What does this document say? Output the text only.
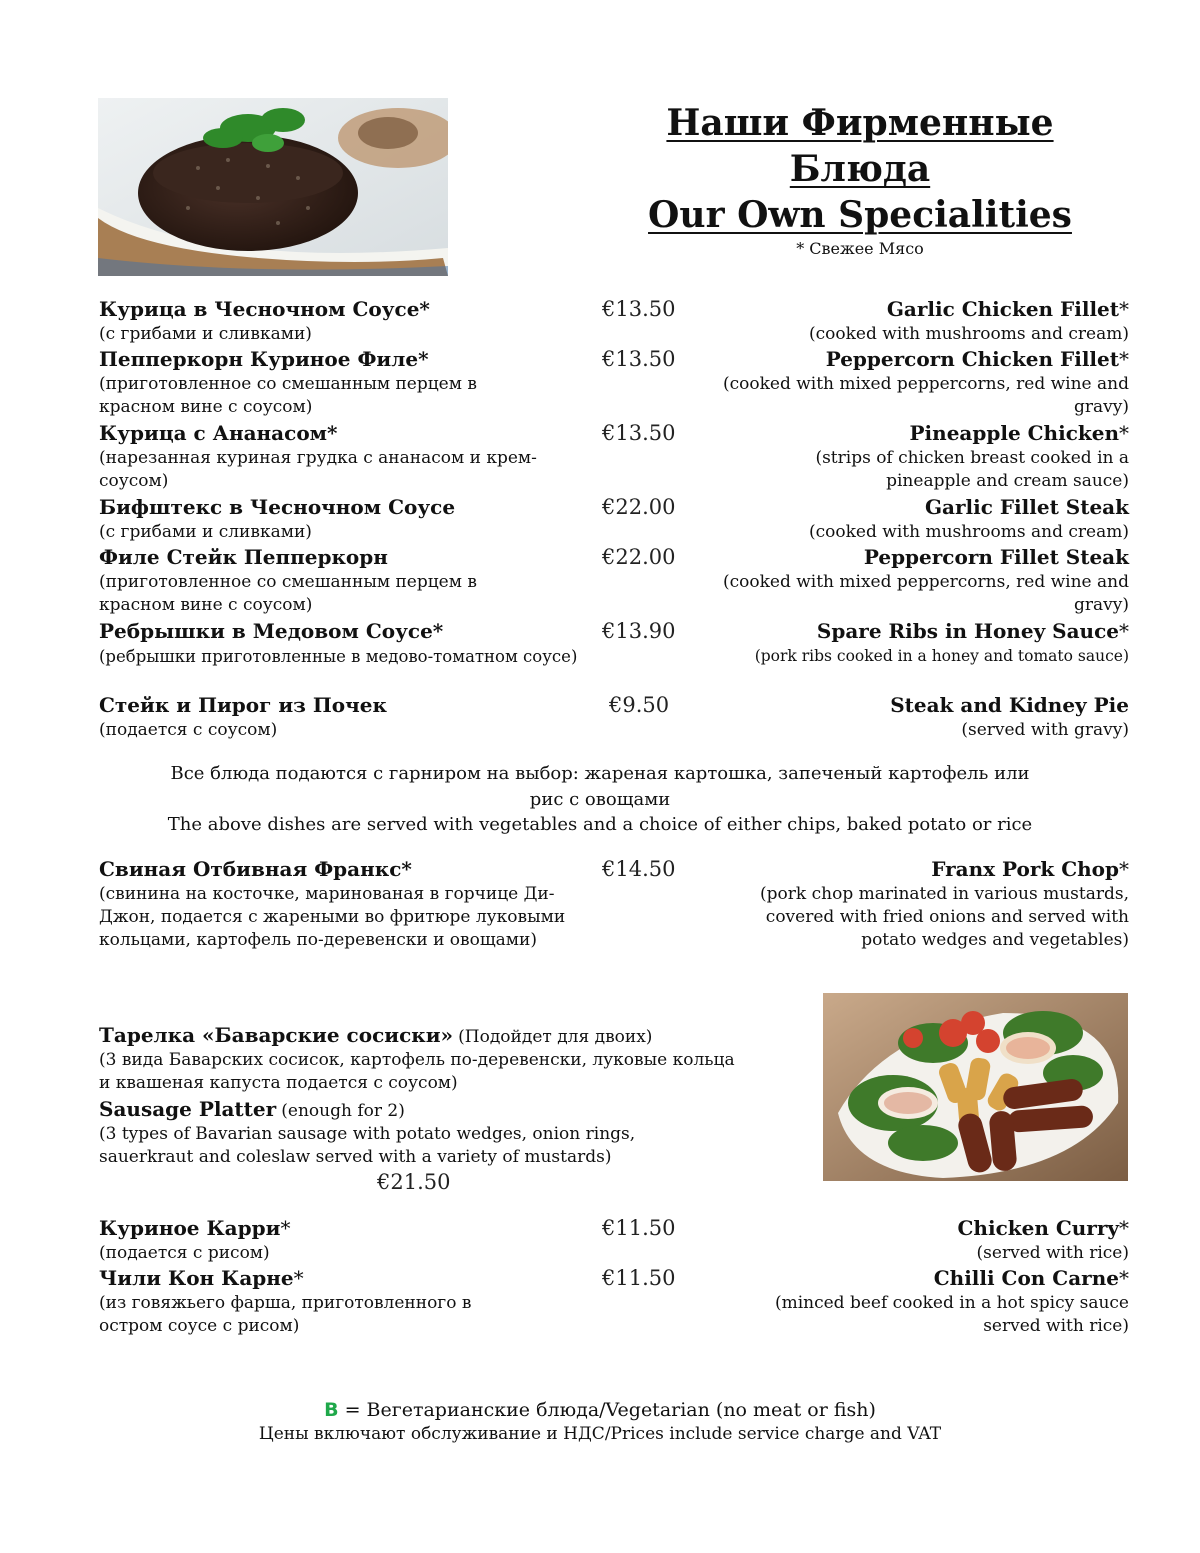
Наши Фирменные
Блюда
Our Own Specialities
* Свежее Мясо
Курица в Чесночном Соусе*
(с грибами и сливками)
€13.50	Garlic Chicken Fillet*
(cooked with mushrooms and cream)
Пепперкорн Куриное Филе*
(приготовленное со смешанным перцем в красном вине с соусом)
€13.50	Peppercorn Chicken Fillet*
(cooked with mixed peppercorns, red wine and gravy)
Курица с Ананасом*
(нарезанная куриная грудка с ананасом и крем-соусом)
€13.50	Pineapple Chicken*
(strips of chicken breast cooked in a pineapple and cream sauce)
Бифштекс в Чесночном Соусе
(с грибами и сливками)
€22.00	Garlic Fillet Steak
(cooked with mushrooms and cream)
Филе Стейк Пепперкорн
(приготовленное со смешанным перцем в красном вине с соусом)
€22.00	Peppercorn Fillet Steak
(cooked with mixed peppercorns, red wine and gravy)
Ребрышки в Медовом Соусе*
(ребрышки приготовленные в медово-томатном соусе)
€13.90	Spare Ribs in Honey Sauce*
(pork ribs cooked in a honey and tomato sauce)
Стейк и Пирог из Почек
(подается с соусом)
€9.50	Steak and Kidney Pie
(served with gravy)
Все блюда подаются с гарниром на выбор: жареная картошка, запеченый картофель или
рис с овощами
The above dishes are served with vegetables and a choice of either chips, baked potato or rice
Свиная Отбивная Франкс*
(свинина на косточке, маринованая в горчице Ди-Джон, подается с жареными во фритюре луковыми кольцами, картофель по-деревенски и овощами)
€14.50	Franx Pork Chop*
(pork chop marinated in various mustards, covered with fried onions and served with potato wedges and vegetables)
Тарелка «Баварские сосиски» (Подойдет для двоих)
(3 вида Баварских сосисок, картофель по-деревенски, луковые кольца и квашеная капуста подается с соусом)
Sausage Platter (enough for 2)
(3 types of Bavarian sausage with potato wedges, onion rings, sauerkraut and coleslaw served with a variety of mustards)
€21.50
Куриное Карри*
(подается с рисом)
€11.50	Chicken Curry*
(served with rice)
Чили Кон Карне*
(из говяжьего фарша, приготовленного в остром соусе с рисом)
€11.50	Chilli Con Carne*
(minced beef cooked in a hot spicy sauce served with rice)
B = Вегетарианские блюда/Vegetarian (no meat or fish)
Цены включают обслуживание и НДС/Prices include service charge and VAT
